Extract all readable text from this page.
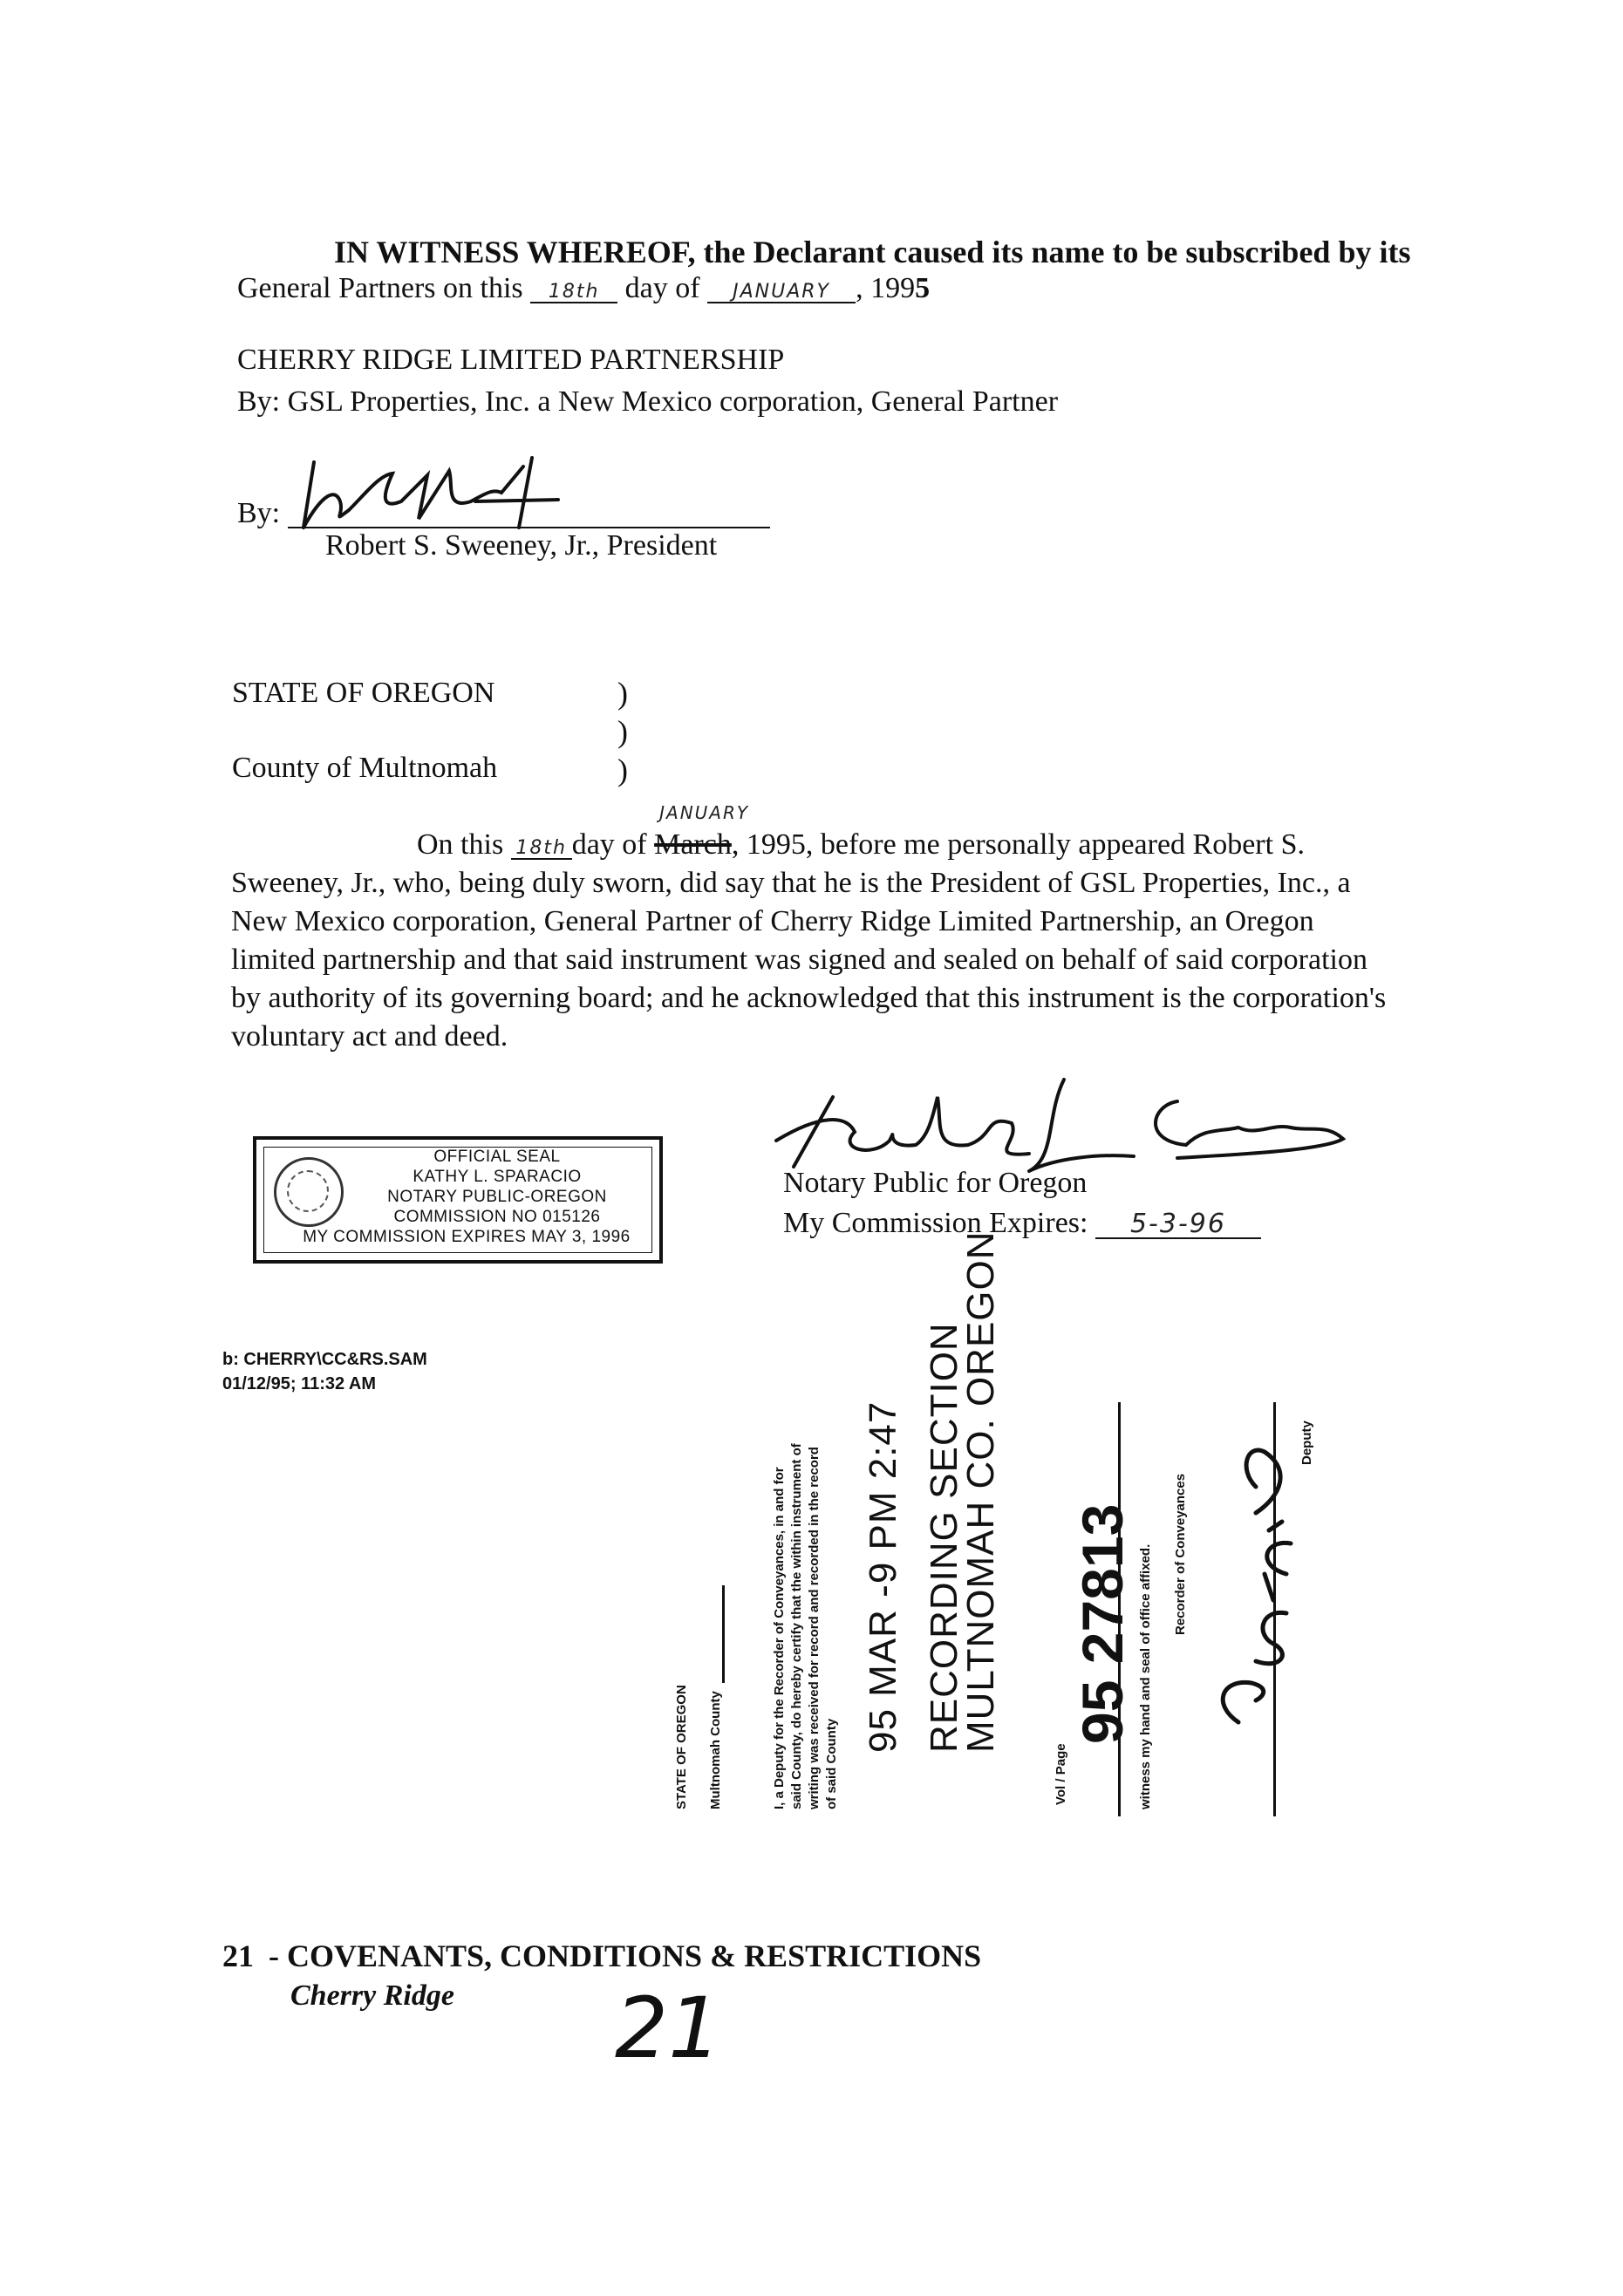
IN WITNESS WHEREOF, the Declarant caused its name to be subscribed by its
General Partners on this 18th day of JANUARY , 1995
CHERRY RIDGE LIMITED PARTNERSHIP
By: GSL Properties, Inc. a New Mexico corporation, General Partner
By:
Robert S. Sweeney, Jr., President
STATE OF OREGON
County of Multnomah
)
)
)
On this 18th day of
JANUARY
March, 1995, before me personally appeared Robert S.
Sweeney, Jr., who, being duly sworn, did say that he is the President of GSL Properties, Inc., a
New Mexico corporation, General Partner of Cherry Ridge Limited Partnership, an Oregon
limited partnership and that said instrument was signed and sealed on behalf of said corporation
by authority of its governing board; and he acknowledged that this instrument is the corporation's
voluntary act and deed.
OFFICIAL SEAL
KATHY L. SPARACIO
NOTARY PUBLIC-OREGON
COMMISSION NO 015126
MY COMMISSION EXPIRES MAY 3, 1996
Notary Public for Oregon
My Commission Expires: 5-3-96
b: CHERRY\CC&RS.SAM
01/12/95; 11:32 AM
STATE OF OREGON Multnomah County	I, a Deputy for the Recorder of Conveyances, in and for said County, do hereby certify that the within instrument of writing was received for record and recorded in the record of said County
95 MAR -9 PM 2:47 RECORDING SECTION
MULTNOMAH CO. OREGON
Vol / Page
95 27813 witness my hand and seal of office affixed. Recorder of Conveyances
Deputy
21 - COVENANTS, CONDITIONS & RESTRICTIONS
Cherry Ridge 21
